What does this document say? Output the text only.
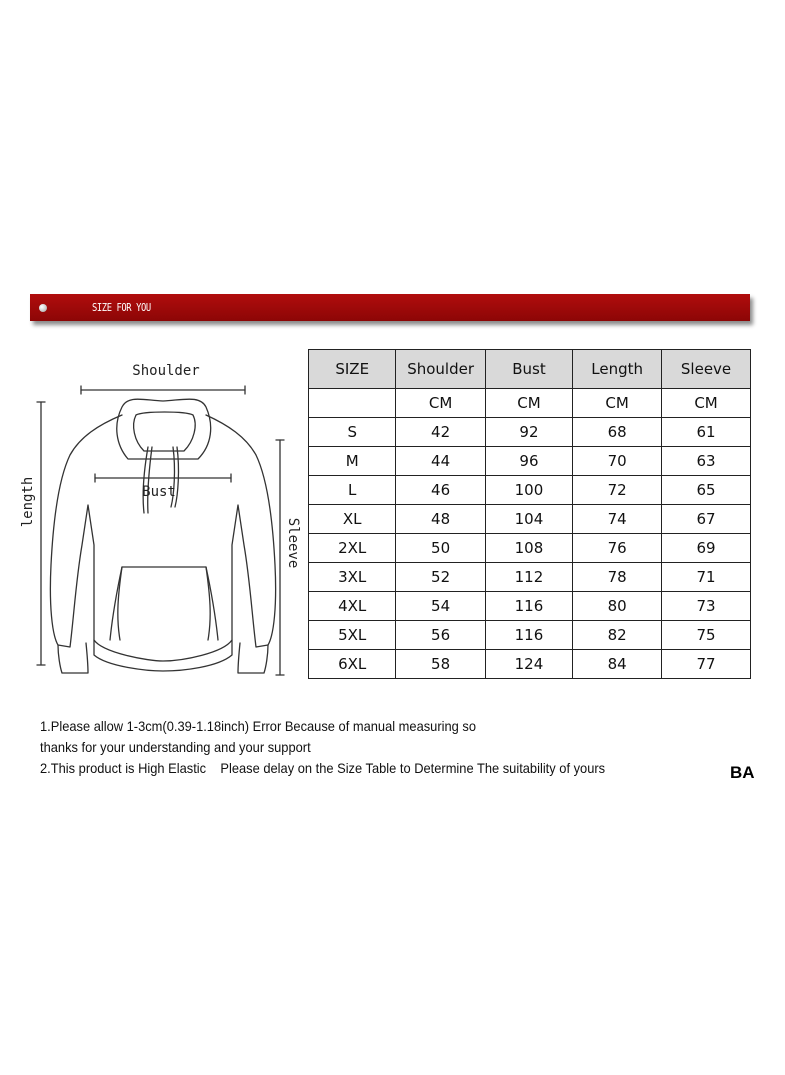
SIZE FOR YOU
Shoulder
Bust
length
Sleeve
SIZE	Shoulder	Bust	Length	Sleeve
	CM	CM	CM	CM
S	42	92	68	61
M	44	96	70	63
L	46	100	72	65
XL	48	104	74	67
2XL	50	108	76	69
3XL	52	112	78	71
4XL	54	116	80	73
5XL	56	116	82	75
6XL	58	124	84	77
1.Please allow 1-3cm(0.39-1.18inch) Error Because of manual measuring so
thanks for your understanding and your support
2.This product is High Elastic    Please delay on the Size Table to Determine The suitability of yours	BA
